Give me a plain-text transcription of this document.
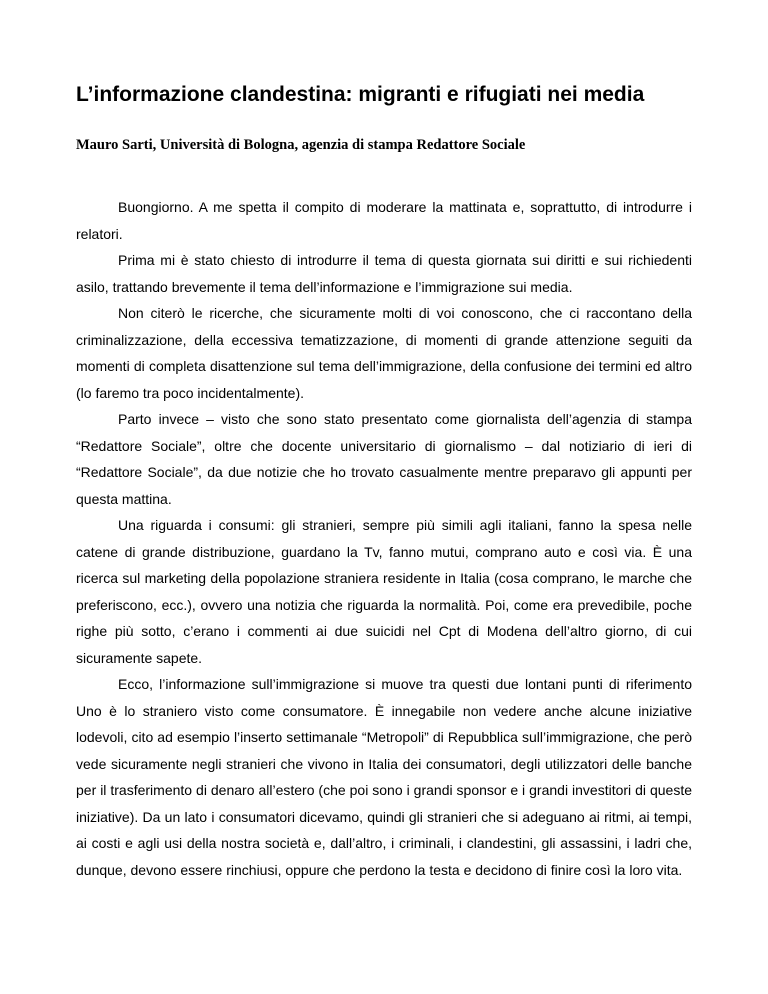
L’informazione clandestina: migranti e rifugiati nei media
Mauro Sarti, Università di Bologna, agenzia di stampa Redattore Sociale

Buongiorno. A me spetta il compito di moderare la mattinata e, soprattutto, di introdurre i relatori.

Prima mi è stato chiesto di introdurre il tema di questa giornata sui diritti e sui richiedenti asilo, trattando brevemente il tema dell’informazione e l’immigrazione sui media.

Non citerò le ricerche, che sicuramente molti di voi conoscono, che ci raccontano della criminalizzazione, della eccessiva tematizzazione, di momenti di grande attenzione seguiti da momenti di completa disattenzione sul tema dell’immigrazione, della confusione dei termini ed altro (lo faremo tra poco incidentalmente).

Parto invece – visto che sono stato presentato come giornalista dell’agenzia di stampa “Redattore Sociale”, oltre che docente universitario di giornalismo – dal notiziario di ieri di “Redattore Sociale”, da due notizie che ho trovato casualmente mentre preparavo gli appunti per questa mattina.

Una riguarda i consumi: gli stranieri, sempre più simili agli italiani, fanno la spesa nelle catene di grande distribuzione, guardano la Tv, fanno mutui, comprano auto e così via. È una ricerca sul marketing della popolazione straniera residente in Italia (cosa comprano, le marche che preferiscono, ecc.), ovvero una notizia che riguarda la normalità. Poi, come era prevedibile, poche righe più sotto, c’erano i commenti ai due suicidi nel Cpt di Modena dell’altro giorno, di cui sicuramente sapete.

Ecco, l’informazione sull’immigrazione si muove tra questi due lontani punti di riferimento Uno è lo straniero visto come consumatore. È innegabile non vedere anche alcune iniziative lodevoli, cito ad esempio l’inserto settimanale “Metropoli” di Repubblica sull’immigrazione, che però vede sicuramente negli stranieri che vivono in Italia dei consumatori, degli utilizzatori delle banche per il trasferimento di denaro all’estero (che poi sono i grandi sponsor e i grandi investitori di queste iniziative). Da un lato i consumatori dicevamo, quindi gli stranieri che si adeguano ai ritmi, ai tempi, ai costi e agli usi della nostra società e, dall’altro, i criminali, i clandestini, gli assassini, i ladri che, dunque, devono essere rinchiusi, oppure che perdono la testa e decidono di finire così la loro vita.
